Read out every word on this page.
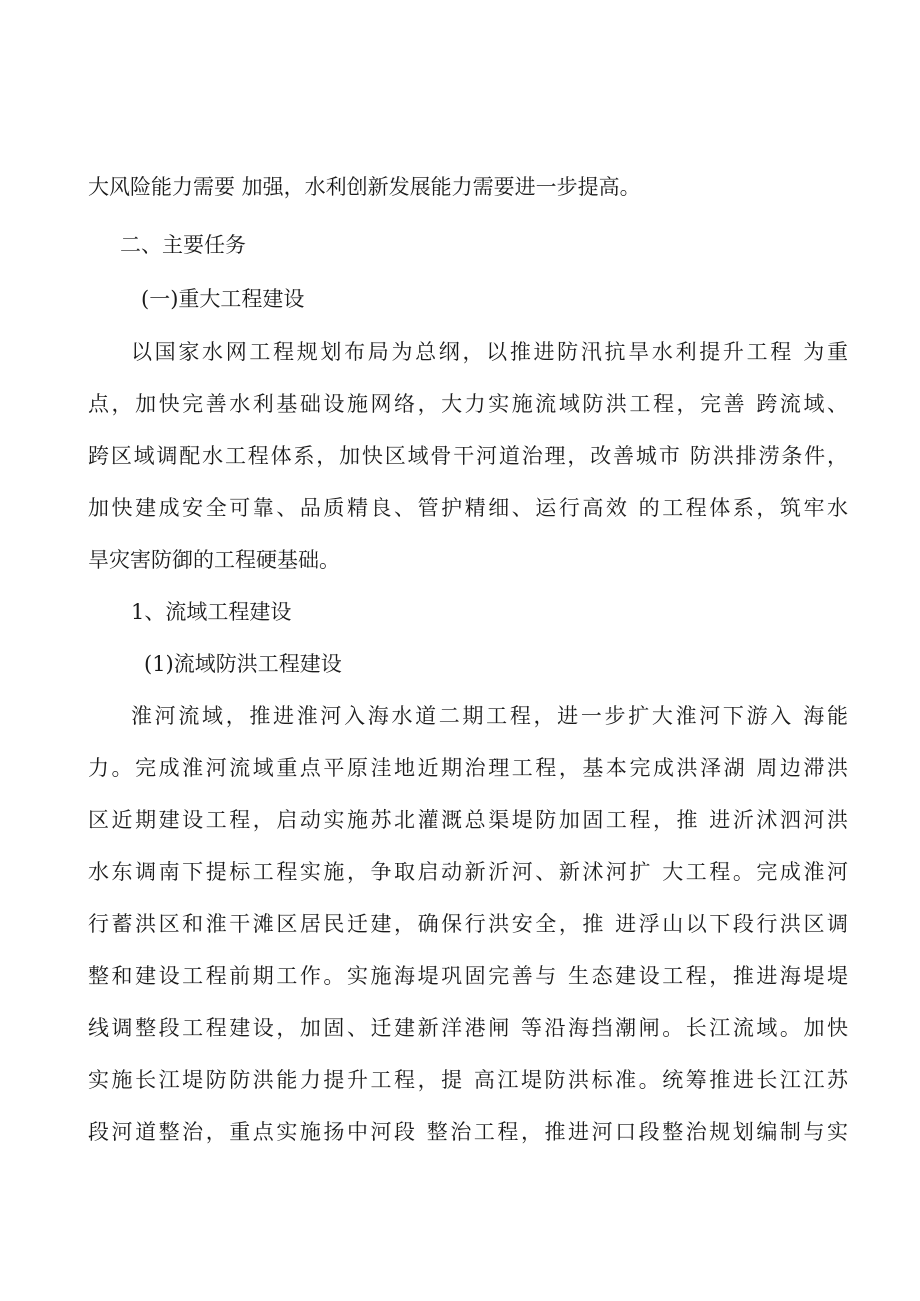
大风险能力需要 加强，水利创新发展能力需要进一步提高。
二、主要任务
(一)重大工程建设
以国家水网工程规划布局为总纲，以推进防汛抗旱水利提升工程 为重
点，加快完善水利基础设施网络，大力实施流域防洪工程，完善 跨流域、
跨区域调配水工程体系，加快区域骨干河道治理，改善城市 防洪排涝条件，
加快建成安全可靠、品质精良、管护精细、运行高效 的工程体系，筑牢水
旱灾害防御的工程硬基础。
1、流域工程建设
(1)流域防洪工程建设
淮河流域，推进淮河入海水道二期工程，进一步扩大淮河下游入 海能
力。完成淮河流域重点平原洼地近期治理工程，基本完成洪泽湖 周边滞洪
区近期建设工程，启动实施苏北灌溉总渠堤防加固工程，推 进沂沭泗河洪
水东调南下提标工程实施，争取启动新沂河、新沭河扩 大工程。完成淮河
行蓄洪区和淮干滩区居民迁建，确保行洪安全，推 进浮山以下段行洪区调
整和建设工程前期工作。实施海堤巩固完善与 生态建设工程，推进海堤堤
线调整段工程建设，加固、迁建新洋港闸 等沿海挡潮闸。长江流域。加快
实施长江堤防防洪能力提升工程，提 高江堤防洪标准。统筹推进长江江苏
段河道整治，重点实施扬中河段 整治工程，推进河口段整治规划编制与实
